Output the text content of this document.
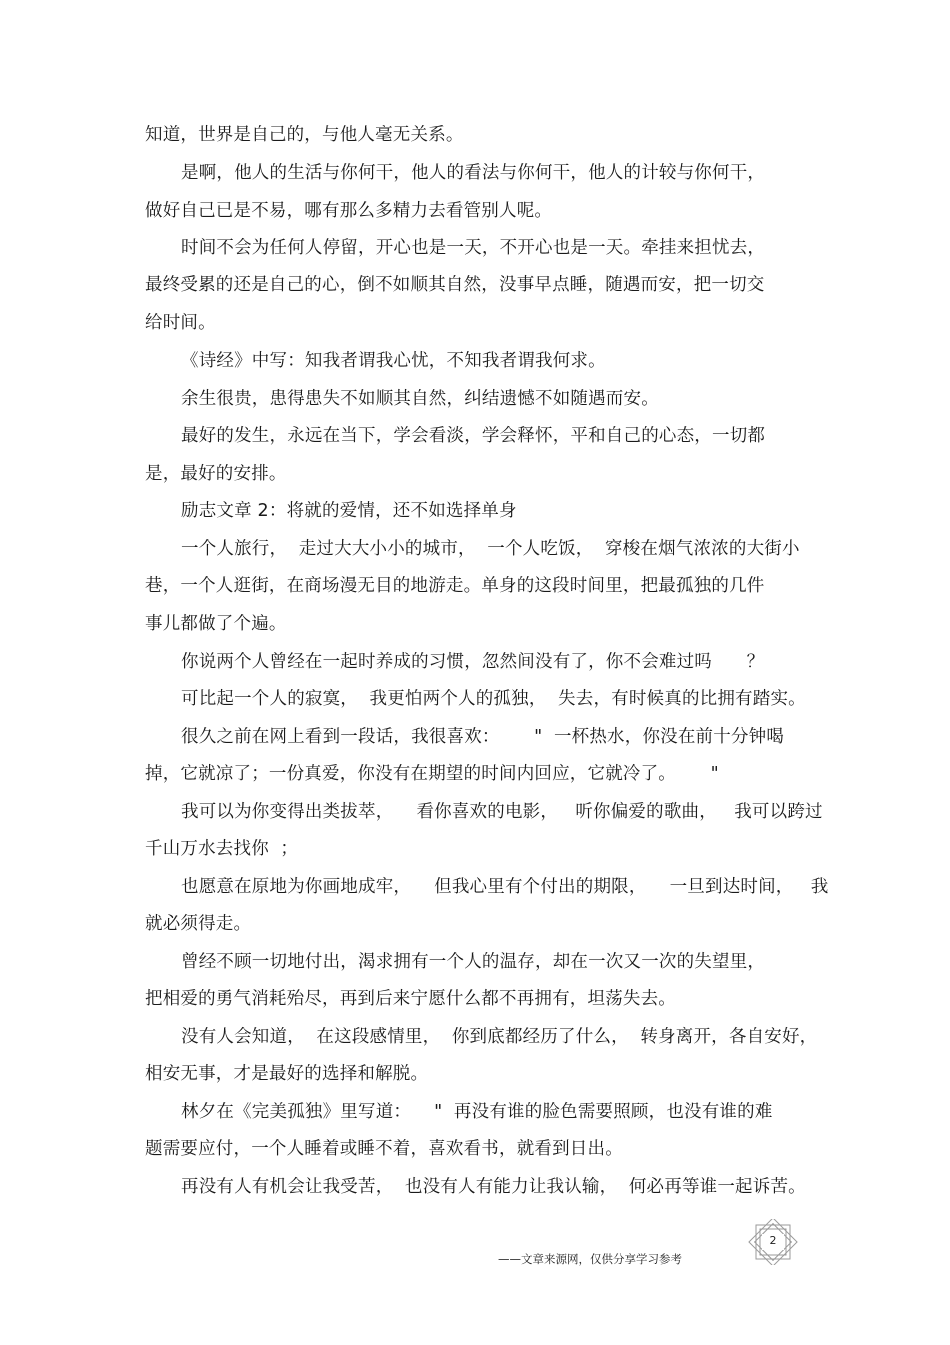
知道，世界是自己的，与他人毫无关系。
是啊，他人的生活与你何干，他人的看法与你何干，他人的计较与你何干，
做好自己已是不易，哪有那么多精力去看管别人呢。
时间不会为任何人停留，开心也是一天，不开心也是一天。牵挂来担忧去，
最终受累的还是自己的心，倒不如顺其自然，没事早点睡，随遇而安，把一切交
给时间。
《诗经》中写：知我者谓我心忧，不知我者谓我何求。
余生很贵，患得患失不如顺其自然，纠结遗憾不如随遇而安。
最好的发生，永远在当下，学会看淡，学会释怀，平和自己的心态，一切都
是，最好的安排。
励志文章 2：将就的爱情，还不如选择单身
一个人旅行，  走过大大小小的城市，  一个人吃饭，  穿梭在烟气浓浓的大街小
巷，一个人逛街，在商场漫无目的地游走。单身的这段时间里，把最孤独的几件
事儿都做了个遍。
你说两个人曾经在一起时养成的习惯，忽然间没有了，你不会难过吗      ？
可比起一个人的寂寞，  我更怕两个人的孤独，  失去，有时候真的比拥有踏实。
很久之前在网上看到一段话，我很喜欢：      "  一杯热水，你没在前十分钟喝
掉，它就凉了；一份真爱，你没有在期望的时间内回应，它就冷了。      "
我可以为你变得出类拔萃，    看你喜欢的电影，   听你偏爱的歌曲，   我可以跨过
千山万水去找你  ；
也愿意在原地为你画地成牢，    但我心里有个付出的期限，    一旦到达时间，   我
就必须得走。
曾经不顾一切地付出，渴求拥有一个人的温存，却在一次又一次的失望里，
把相爱的勇气消耗殆尽，再到后来宁愿什么都不再拥有，坦荡失去。
没有人会知道，  在这段感情里，  你到底都经历了什么，  转身离开，各自安好，
相安无事，才是最好的选择和解脱。
林夕在《完美孤独》里写道：    "  再没有谁的脸色需要照顾，也没有谁的难
题需要应付，一个人睡着或睡不着，喜欢看书，就看到日出。
再没有人有机会让我受苦，  也没有人有能力让我认输，  何必再等谁一起诉苦。
——文章来源网，仅供分享学习参考
2
